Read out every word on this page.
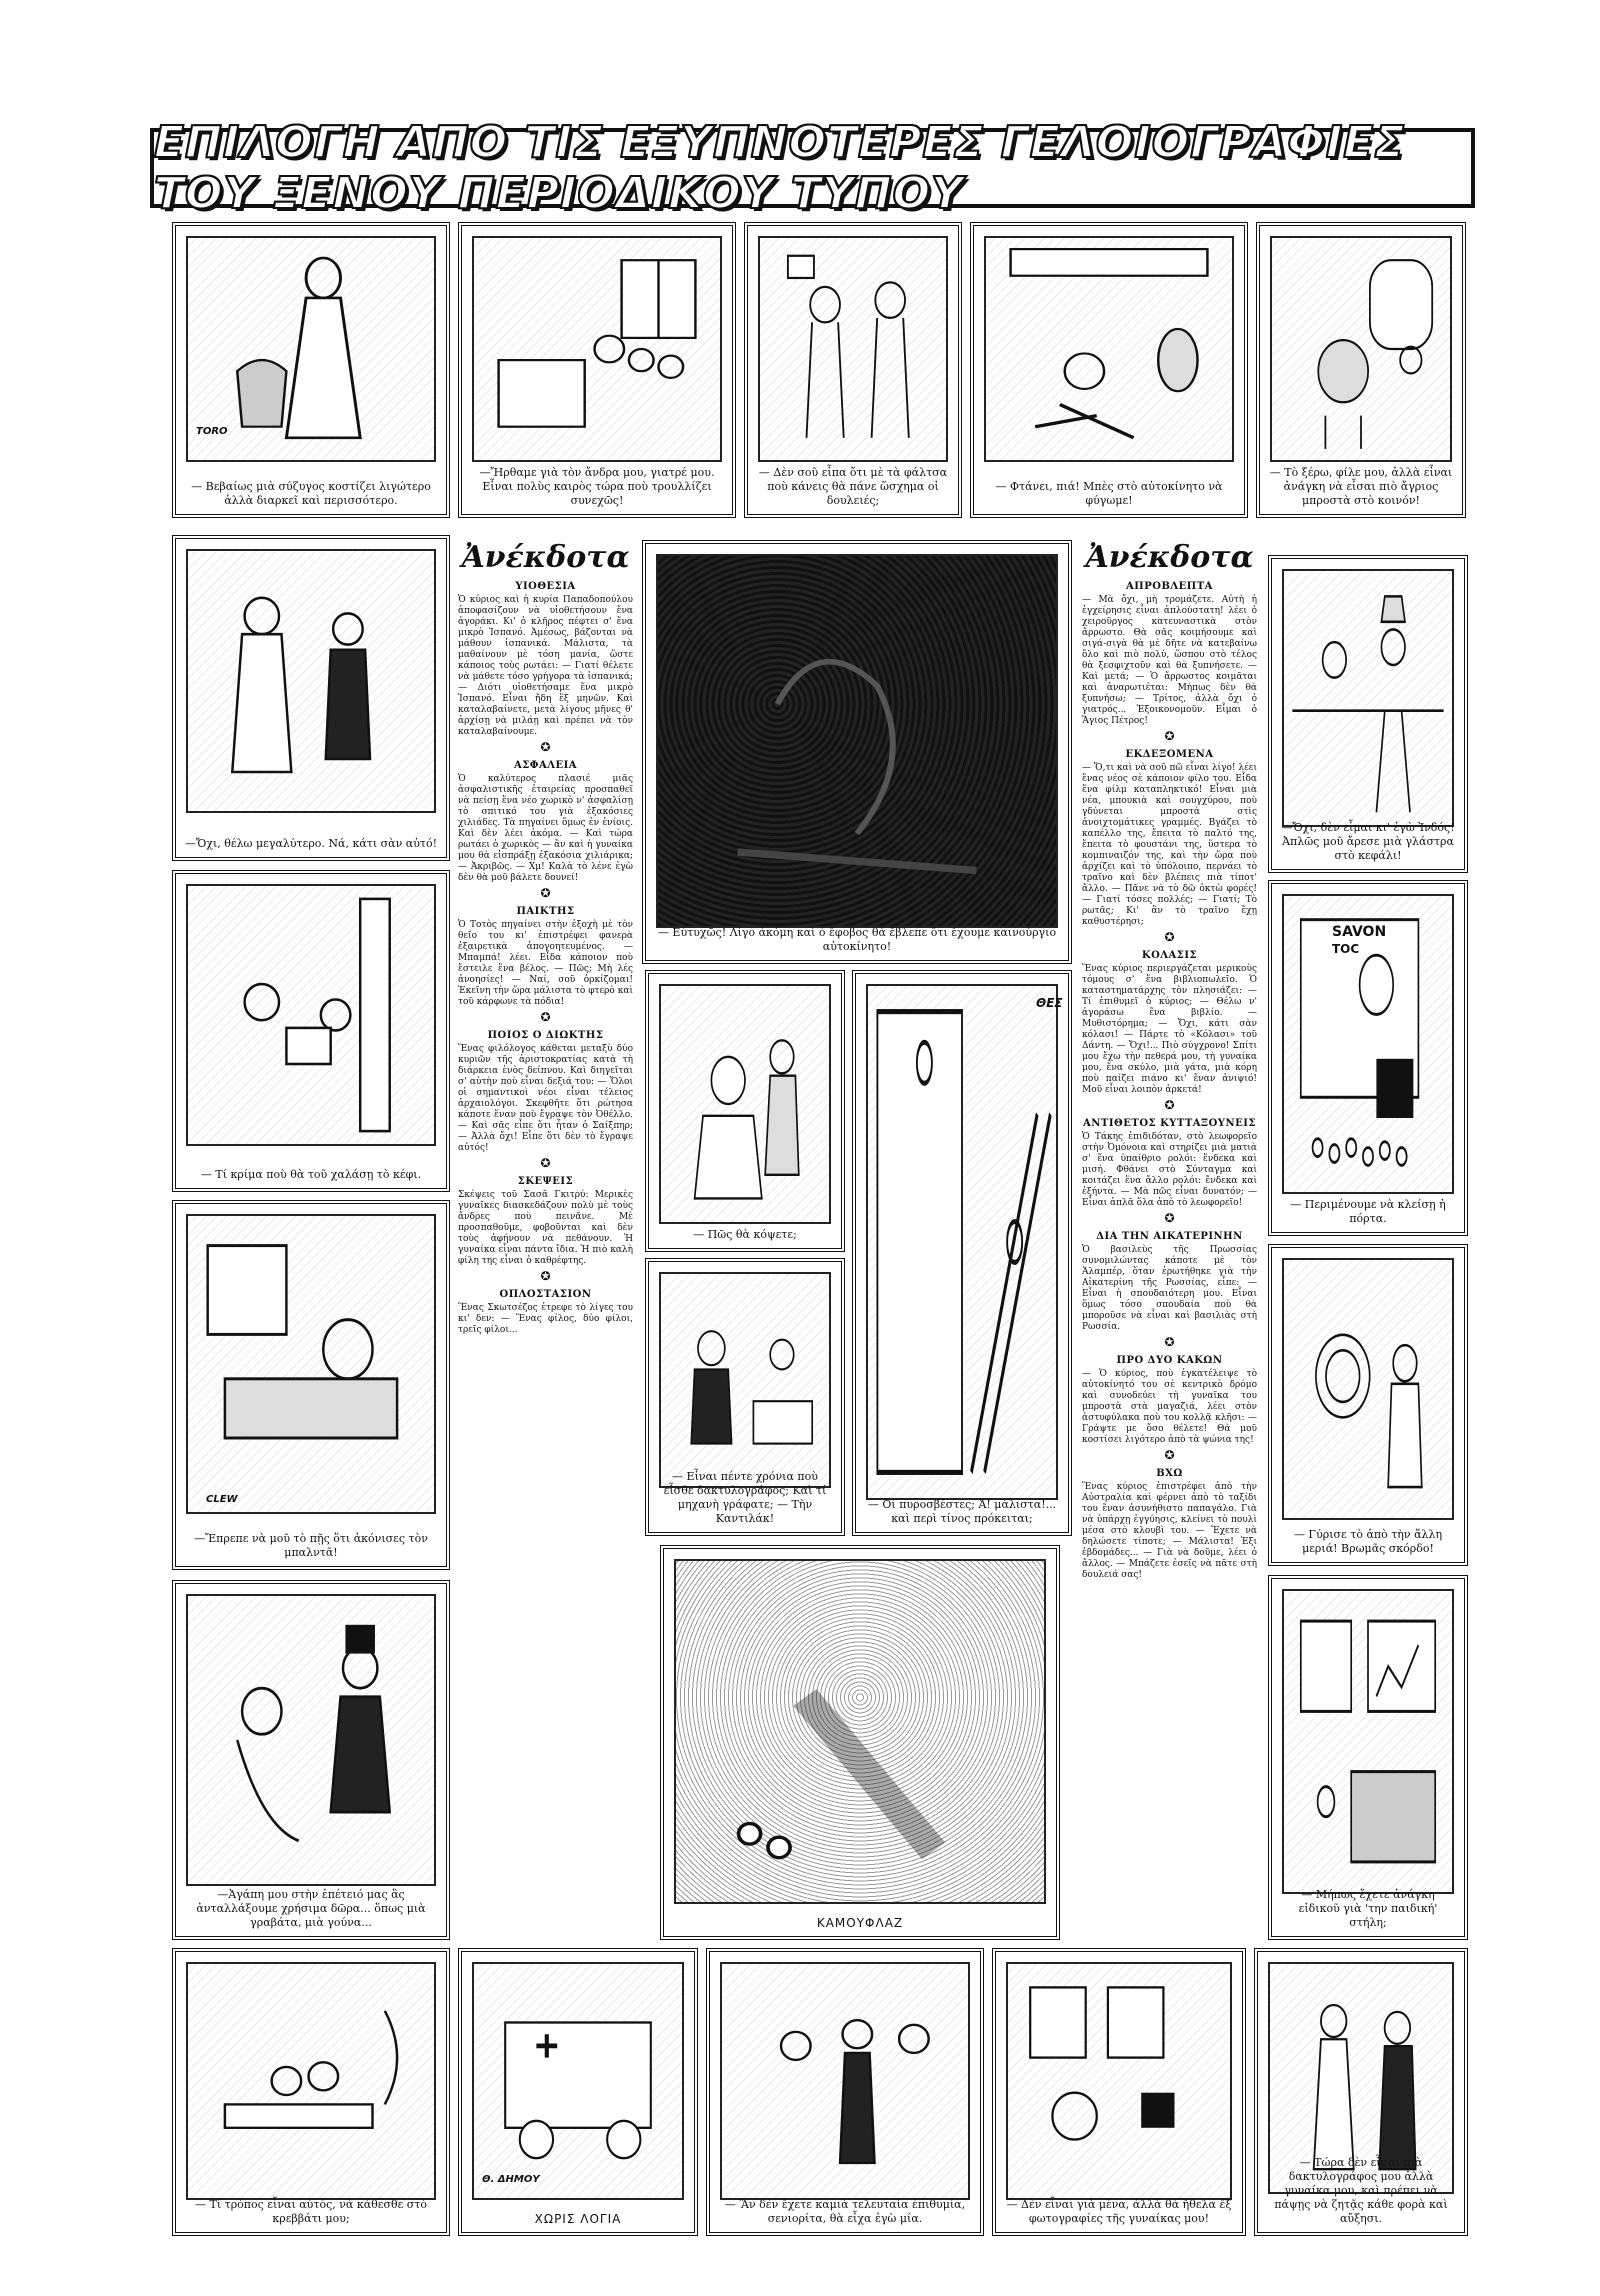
ΕΠΙΛΟΓΗ ΑΠΟ ΤΙΣ ΕΞΥΠΝΟΤΕΡΕΣ ΓΕΛΟΙΟΓΡΑΦΙΕΣ ΤΟΥ ΞΕΝΟΥ ΠΕΡΙΟΔΙΚΟΥ ΤΥΠΟΥ
TORO
— Βεβαίως μιὰ σύζυγος κοστίζει λιγώτερο ἀλλὰ διαρκεῖ καὶ περισσότερο.
—Ἤρθαμε γιὰ τὸν ἄνδρα μου, γιατρέ μου. Εἶναι πολὺς καιρὸς τώρα ποὺ τρουλλίζει συνεχῶς!
— Δὲν σοῦ εἶπα ὅτι μὲ τὰ φάλτσα ποὺ κάνεις θὰ πάνε ὥσχημα οἱ δουλειές;
— Φτάνει, πιά! Μπὲς στὸ αὐτοκίνητο νὰ φύγωμε!
— Τὸ ξέρω, φίλε μου, ἀλλὰ εἶναι ἀνάγκη νὰ εἶσαι πιὸ ἄγριος μπροστὰ στὸ κοινόν!
—Ὄχι, θέλω μεγαλύτερο. Νά, κάτι σὰν αὐτό!
— Τί κρίμα ποὺ θὰ τοῦ χαλάσῃ τὸ κέφι.
CLEW
—Ἔπρεπε νὰ μοῦ τὸ πῇς ὅτι ἀκόνισες τὸν μπαλντᾶ!
—Ἀγάπη μου στὴν ἐπέτειό μας ἂς ἀνταλλάξουμε χρήσιμα δῶρα... ὅπως μιὰ γραβάτα, μιὰ γούνα...
Ἀνέκδοτα
ΥΙΟΘΕΣΙΑ

Ὁ κύριος καὶ ἡ κυρία Παπαδοπούλου ἀποφασίζουν νὰ υἱοθετήσουν ἕνα ἀγοράκι. Κι' ὁ κλῆρος πέφτει σ' ἕνα μικρὸ Ἰσπανό. Ἀμέσως, βάζονται νὰ μάθουν ἰσπανικά. Μάλιστα, τὰ μαθαίνουν μὲ τόση μανία, ὥστε κάποιος τοὺς ρωτάει: — Γιατί θέλετε νὰ μάθετε τόσο γρήγορα τὰ ἰσπανικά; — Διότι υἱοθετήσαμε ἕνα μικρὸ Ἰσπανό. Εἶναι ἤδη ἕξ μηνῶν. Καὶ καταλαβαίνετε, μετὰ λίγους μῆνες θ' ἀρχίσῃ νὰ μιλάῃ καὶ πρέπει νὰ τὸν καταλαβαίνουμε.

✪
ΑΣΦΑΛΕΙΑ

Ὁ καλύτερος πλασιέ μιᾶς ἀσφαλιστικῆς ἑταιρείας προσπαθεῖ νὰ πείσῃ ἕνα νέο χωρικὸ ν' ἀσφαλίσῃ τὸ σπιτικό του γιὰ ἑξακόσιες χιλιάδες. Τὰ πηγαίνει ὅμως ἐν ἐνίοις. Καὶ δὲν λέει ἀκόμα. — Καὶ τώρα ρωτάει ὁ χωρικὸς — ἂν καὶ ἡ γυναίκα μου θὰ εἰσπράξῃ ἑξακόσια χιλιάρικα; — Ἀκριβῶς. — Χμ! Καλὰ τὸ λένε ἐγὼ δὲν θὰ μοῦ βάλετε δουνεί!

✪
ΠΑΙΚΤΗΣ

Ὁ Τοτὸς πηγαίνει στὴν ἑξοχὴ μὲ τὸν θεῖο του κι' ἐπιστρέφει φανερὰ ἐξαιρετικὰ ἀπογοητευμένος. — Μπαμπά! λέει. Εἶδα κάποιον ποὺ ἔστειλε ἕνα βέλος. — Πῶς; Μὴ λές ἀνοησίες! — Ναί, σοῦ ὁρκίζομαι! Ἐκεῖνη τὴν ὥρα μάλιστα τὸ φτερὸ καὶ τοῦ κάρφωνε τὰ πόδια!

✪
ΠΟΙΟΣ Ο ΔΙΩΚΤΗΣ

Ἕνας φιλόλογος κάθεται μεταξὺ δύο κυριῶν τῆς ἀριστοκρατίας κατὰ τὴ διάρκεια ἑνὸς δείπνου. Καὶ διηγεῖται σ' αὐτὴν ποὺ εἶναι δεξιά του: — Ὅλοι οἱ σημαντικοὶ νέοι εἶναι τέλειος ἀρχαιολόγοι. Σκεφθῆτε ὅτι ρώτησα κάποτε ἕναν ποὺ ἔγραψε τὸν Ὀθέλλο. — Καὶ σᾶς εἶπε ὅτι ἦταν ὁ Σαίξπηρ; — Ἀλλὰ ὄχι! Εἶπε ὅτι δὲν τὸ ἔγραψε αὐτός!

✪
ΣΚΕΨΕΙΣ

Σκέψεις τοῦ Σασᾶ Γκιτρύ: Μερικὲς γυναῖκες διασκεδάζουν πολὺ μὲ τοὺς ἄνδρες ποὺ πεινᾶνε. Μὲ προσπαθοῦμε, φοβοῦνται καὶ δὲν τοὺς ἀφήνουν νὰ πεθάνουν. Ἡ γυναίκα εἶναι πάντα ἴδια. Ἡ πιὸ καλὴ φίλη της εἶναι ὁ καθρέφτης.

✪
ΟΠΛΟΣΤΑΣΙΟΝ

Ἕνας Σκωτσέζος ἐτρεφε τὸ λίγες του κι' δεν: — Ἕνας φίλος, δύο φίλοι, τρεῖς φίλοι...

— Εὐτυχῶς! Λίγο ἀκόμη καὶ ὁ ἔφοβος θὰ ἔβλεπε ὅτι ἔχουμε καινούργιο αὐτοκίνητο!
— Πῶς θὰ κόψετε;
— Εἶναι πέντε χρόνια ποὺ εἶσθε δακτυλογράφος; Καὶ τί μηχανὴ γράφατε; — Τὴν Καντιλάκ!
ΘΕΣ
— Οἱ πυροσβέστες; Ἀ! μάλιστα!... καὶ περὶ τίνος πρόκειται;
ΚΑΜΟΥΦΛΑΖ
Ἀνέκδοτα
ΑΠΡΟΒΛΕΠΤΑ

— Μὰ ὄχι, μὴ τρομάζετε. Αὐτὴ ἡ ἐγχείρησις εἶναι ἁπλούστατη! λέει ὁ χειροῦργος κατευναστικὰ στὸν ἄρρωστο. Θὰ σᾶς κοιμήσουμε καὶ σιγά-σιγὰ θὰ μὲ δῆτε νὰ κατεβαίνω ὅλο καὶ πιὸ πολύ, ὥσπου στὸ τέλος θὰ ξεσφιχτοῦν καὶ θὰ ξυπνήσετε. — Καὶ μετά; — Ὁ ἄρρωστος κοιμᾶται καὶ ἀναρωτιέται: Μήπως δὲν θὰ ξυπνήσω; — Τρίτος, ἀλλὰ ὄχι ὁ γιατρός... Ἐξοικονομοῦν. Εἶμαι ὁ Ἅγιος Πέτρος!

✪
ΕΚΔΕΞΟΜΕΝΑ

— Ὅ,τι καὶ νὰ σοῦ πῶ εἶναι λίγο! λέει ἕνας νέος σὲ κάποιον φίλο του. Εἶδα ἕνα φίλμ καταπληκτικό! Εἶναι μιὰ νέα, μπουκιὰ καὶ σουγχύρου, ποὺ γδύνεται μπροστὰ στὶς ἀνοιχτομάτικες γραμμές. Βγάζει τὸ καπέλλο της, ἔπειτα τὸ παλτό της, ἔπειτα τὸ φουστάνι της, ὕστερα τὸ κομπιναιζόν της, καὶ τὴν ὥρα ποὺ ἀρχίζει καὶ τὸ ὑπόλοιπο, περνάει τὸ τραῖνο καὶ δὲν βλέπεις πιὰ τίποτ' ἄλλο. — Πᾶνε νὰ τὸ δῶ ὀκτὼ φορές! — Γιατί τόσες πολλές; — Γιατί; Τὸ ρωτᾶς; Κι' ἂν τὸ τραῖνο ἔχῃ καθυστέρησι;

✪
ΚΟΛΑΣΙΣ

Ἕνας κύριος περιεργάζεται μερικοὺς τόμους σ' ἕνα βιβλιοπωλεῖο. Ὁ καταστηματάρχης τὸν πλησιάζει: — Τί ἐπιθυμεῖ ὁ κύριος; — Θέλω ν' ἀγοράσω ἕνα βιβλίο. — Μυθιστόρημα; — Ὄχι, κάτι σὰν κόλασι! — Πάρτε τὸ «Κόλασι» τοῦ Δάντη. — Ὄχι!... Πιὸ σύγχρονο! Σπίτι μου ἔχω τὴν πεθερά μου, τὴ γυναίκα μου, ἕνα σκύλο, μιὰ γάτα, μιὰ κόρη ποὺ παίζει πιάνο κι' ἕναν ἀνιψιό! Μοῦ εἶναι λοιπὸν ἀρκετά!

✪
ΑΝΤΙΘΕΤΟΣ ΚΥΤΤΑΞΟΥΝΕΙΣ

Ὁ Τάκης ἐπιδιδόταν, στὸ λεωφορεῖο στὴν Ὀμόνοια καὶ στηρίζει μιὰ ματιὰ σ' ἕνα ὑπαίθριο ρολόι: ἔνδεκα καὶ μισή. Φθάνει στὸ Σύνταγμα καὶ κοιτάζει ἕνα ἄλλο ρολόι: ἔνδεκα καὶ ἐξήντα. — Μὰ πῶς εἶναι δυνατόν; — Εἶναι ἀπλᾶ ὅλα ἀπὸ τὸ λεωφορεῖο!

✪
ΔΙΑ ΤΗΝ ΑΙΚΑΤΕΡΙΝΗΝ

Ὁ βασιλεὺς τῆς Πρωσσίας συνομιλώντας κάποτε μὲ τὸν Ἀλαμπέρ, ὅταν ἐρωτήθηκε γιὰ τὴν Αἰκατερίνη τῆς Ρωσσίας, εἶπε: — Εἶναι ἡ σπουδαιότερη μου. Εἶναι ὅμως τόσο σπουδαία ποὺ θὰ μποροῦσε νὰ εἶναι καὶ βασιλιὰς στὴ Ρωσσία.

✪
ΠΡΟ ΔΥΟ ΚΑΚΩΝ

— Ὁ κύριος, ποὺ ἐγκατέλειψε τὸ αὐτοκίνητό του σὲ κεντρικὸ δρόμο καὶ συνοδεύει τὴ γυναῖκα του μπροστὰ στὰ μαγαζιά, λέει στὸν ἀστυφύλακα ποὺ του κολλᾷ κλῆσι: — Γράψτε με ὅσο θέλετε! Θὰ μοῦ κοστίσει λιγότερο ἀπὸ τὰ ψώνια της!

✪
ΒΧΩ

Ἕνας κύριος ἐπιστρέφει ἀπὸ τὴν Αὐστραλία καὶ φέρνει ἀπὸ τὸ ταξίδι του ἕναν ἀσυνήθιστο παπαγάλο. Γιὰ νὰ ὑπάρχῃ ἐγγύησις, κλείνει τὸ πουλὶ μέσα στὸ κλουβὶ του. — Ἔχετε νὰ δηλώσετε τίποτε; — Μάλιστα! Ἐξι ἑβδομάδες... — Γιὰ νὰ δοῦμε, λέει ὁ ἄλλος. — Μπάζετε ἐσεῖς νὰ πᾶτε στὴ δουλειά σας!

—Ὄχι, δὲν εἶμαι κι' ἐγὼ Ἰνδός! Ἀπλῶς μοῦ ἄρεσε μιὰ γλάστρα στὸ κεφάλι!
SAVON
TOC
— Περιμένουμε νὰ κλείσῃ ἡ πόρτα.
— Γύρισε τὸ ἀπὸ τὴν ἄλλη μεριά! Βρωμᾶς σκόρδο!
— Μήπως ἔχετε ἀνάγκη εἰδικοῦ γιὰ 'την παιδική' στήλη;
— Τί τρόπος εἶναι αὐτός, νὰ κάθεσθε στὸ κρεββάτι μου;
Θ. ΔΗΜΟΥ
ΧΩΡΙΣ ΛΟΓΙΑ
— Ἂν δὲν ἔχετε καμιὰ τελευταία ἐπιθυμία, σενιορίτα, θὰ εἶχα ἐγὼ μία.
— Δὲν εἶναι γιὰ μένα, ἀλλὰ θὰ ἤθελα ἕξ φωτογραφίες τῆς γυναίκας μου!
— Τώρα δὲν εἶσαι πιὰ δακτυλογράφος μου ἀλλὰ γυναίκα μου, καὶ πρέπει νὰ πάψῃς νὰ ζητᾷς κάθε φορὰ καὶ αὔξησι.
